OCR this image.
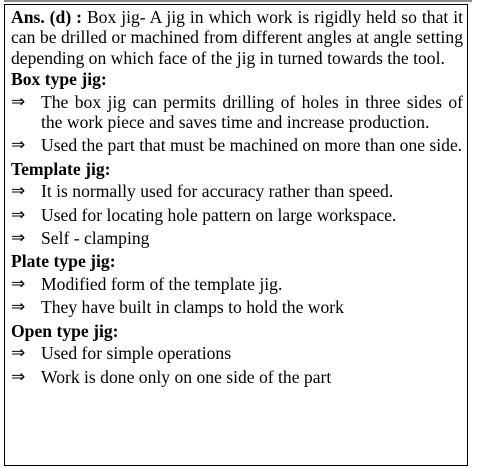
Ans. (d) : Box jig- A jig in which work is rigidly held so that it can be drilled or machined from different angles at angle setting depending on which face of the jig in turned towards the tool.

Box type jig:
⇒ The box jig can permits drilling of holes in three sides of the work piece and saves time and increase production.
⇒ Used the part that must be machined on more than one side.
Template jig:
⇒ It is normally used for accuracy rather than speed.
⇒ Used for locating hole pattern on large workspace.
⇒ Self - clamping
Plate type jig:
⇒ Modified form of the template jig.
⇒ They have built in clamps to hold the work
Open type jig:
⇒ Used for simple operations
⇒ Work is done only on one side of the part
